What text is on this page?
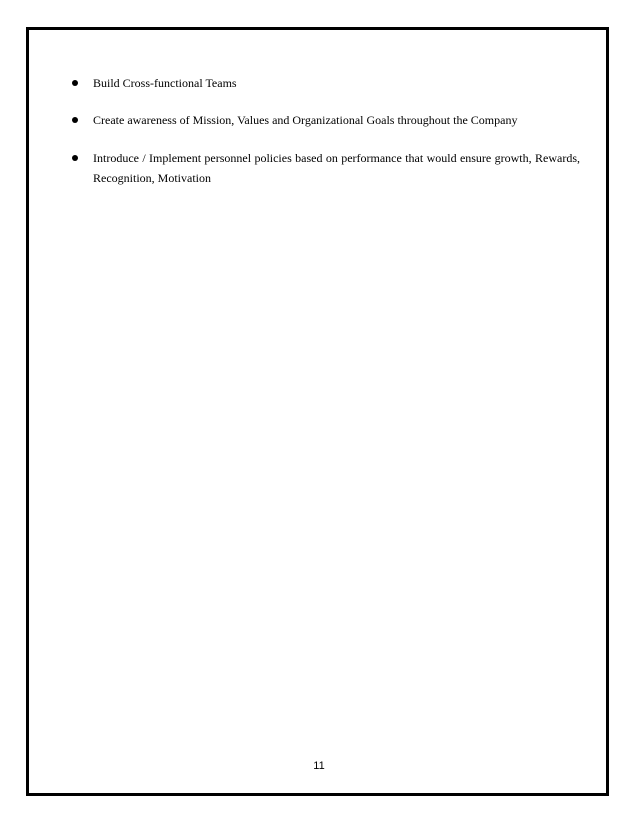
Build Cross-functional Teams
Create awareness of Mission, Values and Organizational Goals throughout the Company
Introduce / Implement personnel policies based on performance that would ensure growth, Rewards, Recognition, Motivation
11
